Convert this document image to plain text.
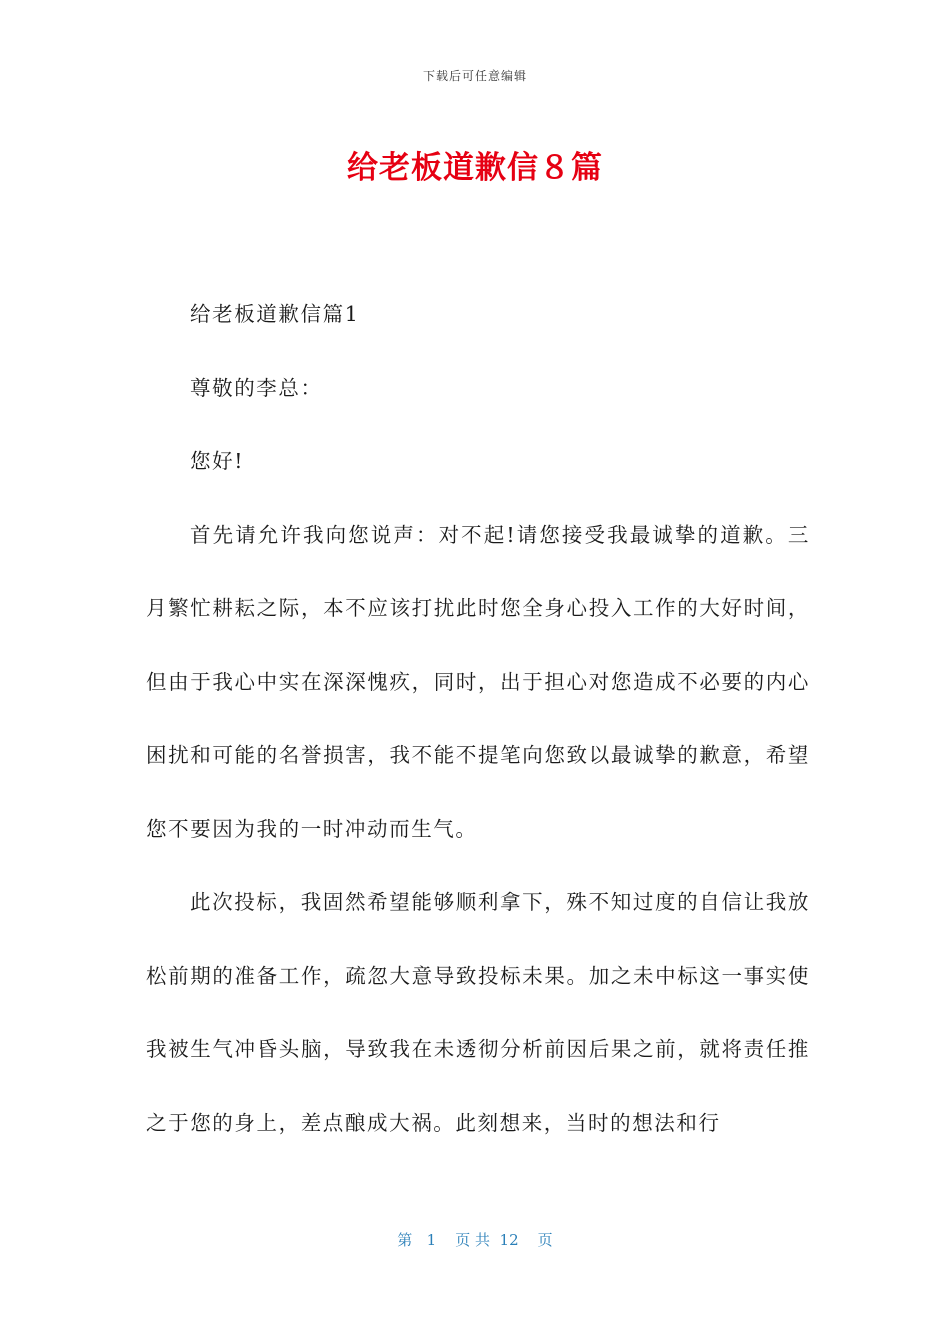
下载后可任意编辑
给老板道歉信８篇

给老板道歉信篇1

尊敬的李总：

您好!

首先请允许我向您说声：对不起!请您接受我最诚挚的道歉。三月繁忙耕耘之际，本不应该打扰此时您全身心投入工作的大好时间，但由于我心中实在深深愧疚，同时，出于担心对您造成不必要的内心困扰和可能的名誉损害，我不能不提笔向您致以最诚挚的歉意，希望您不要因为我的一时冲动而生气。

此次投标，我固然希望能够顺利拿下，殊不知过度的自信让我放松前期的准备工作，疏忽大意导致投标未果。加之未中标这一事实使我被生气冲昏头脑，导致我在未透彻分析前因后果之前，就将责任推之于您的身上，差点酿成大祸。此刻想来，当时的想法和行

第   1    页 共  12    页
